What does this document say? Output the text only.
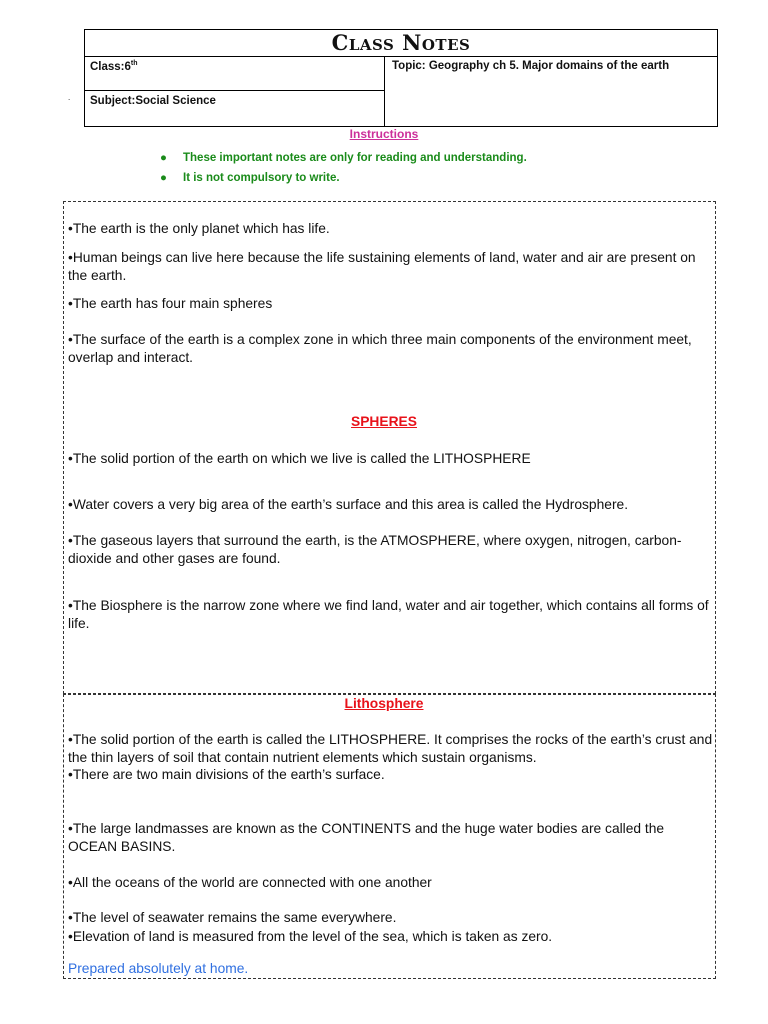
Class Notes
Class:6th
Subject:Social Science
Topic: Geography ch 5. Major domains of the earth
.
Instructions
● These important notes are only for reading and understanding.
● It is not compulsory to write.
•The earth is the only planet which has life.
•Human beings can live here because the life sustaining elements of land, water and air are present on the earth.
•The earth has four main spheres
•The surface of the earth is a complex zone in which three main components of the environment meet, overlap and interact.
SPHERES
•The solid portion of the earth on which we live is called the LITHOSPHERE
•Water covers a very big area of the earth’s surface and this area is called the Hydrosphere.
•The gaseous layers that surround the earth, is the ATMOSPHERE, where oxygen, nitrogen, carbon-dioxide and other gases are found.
•The Biosphere is the narrow zone where we find land, water and air together, which contains all forms of life.
Lithosphere
•The solid portion of the earth is called the LITHOSPHERE. It comprises the rocks of the earth’s crust and the thin layers of soil that contain nutrient elements which sustain organisms.
•There are two main divisions of the earth’s surface.
•The large landmasses are known as the CONTINENTS and the huge water bodies are called the OCEAN BASINS.
•All the oceans of the world are connected with one another
•The level of seawater remains the same everywhere.
•Elevation of land is measured from the level of the sea, which is taken as zero.
Prepared absolutely at home.
